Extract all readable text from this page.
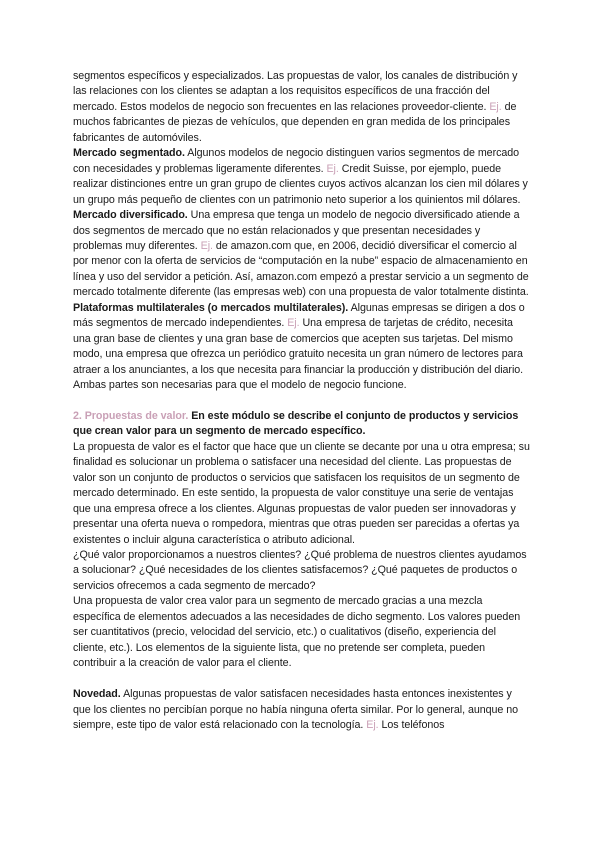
segmentos específicos y especializados. Las propuestas de valor, los canales de distribución y las relaciones con los clientes se adaptan a los requisitos específicos de una fracción del mercado. Estos modelos de negocio son frecuentes en las relaciones proveedor-cliente. Ej. de muchos fabricantes de piezas de vehículos, que dependen en gran medida de los principales fabricantes de automóviles.

Mercado segmentado. Algunos modelos de negocio distinguen varios segmentos de mercado con necesidades y problemas ligeramente diferentes. Ej. Credit Suisse, por ejemplo, puede realizar distinciones entre un gran grupo de clientes cuyos activos alcanzan los cien mil dólares y un grupo más pequeño de clientes con un patrimonio neto superior a los quinientos mil dólares.

Mercado diversificado. Una empresa que tenga un modelo de negocio diversificado atiende a dos segmentos de mercado que no están relacionados y que presentan necesidades y problemas muy diferentes. Ej. de amazon.com que, en 2006, decidió diversificar el comercio al por menor con la oferta de servicios de “computación en la nube” espacio de almacenamiento en línea y uso del servidor a petición. Así, amazon.com empezó a prestar servicio a un segmento de mercado totalmente diferente (las empresas web) con una propuesta de valor totalmente distinta.

Plataformas multilaterales (o mercados multilaterales). Algunas empresas se dirigen a dos o más segmentos de mercado independientes. Ej. Una empresa de tarjetas de crédito, necesita una gran base de clientes y una gran base de comercios que acepten sus tarjetas. Del mismo modo, una empresa que ofrezca un periódico gratuito necesita un gran número de lectores para atraer a los anunciantes, a los que necesita para financiar la producción y distribución del diario. Ambas partes son necesarias para que el modelo de negocio funcione.

2. Propuestas de valor. En este módulo se describe el conjunto de productos y servicios que crean valor para un segmento de mercado específico.

La propuesta de valor es el factor que hace que un cliente se decante por una u otra empresa; su finalidad es solucionar un problema o satisfacer una necesidad del cliente. Las propuestas de valor son un conjunto de productos o servicios que satisfacen los requisitos de un segmento de mercado determinado. En este sentido, la propuesta de valor constituye una serie de ventajas que una empresa ofrece a los clientes. Algunas propuestas de valor pueden ser innovadoras y presentar una oferta nueva o rompedora, mientras que otras pueden ser parecidas a ofertas ya existentes o incluir alguna característica o atributo adicional.

¿Qué valor proporcionamos a nuestros clientes? ¿Qué problema de nuestros clientes ayudamos a solucionar? ¿Qué necesidades de los clientes satisfacemos? ¿Qué paquetes de productos o servicios ofrecemos a cada segmento de mercado?

Una propuesta de valor crea valor para un segmento de mercado gracias a una mezcla específica de elementos adecuados a las necesidades de dicho segmento. Los valores pueden ser cuantitativos (precio, velocidad del servicio, etc.) o cualitativos (diseño, experiencia del cliente, etc.). Los elementos de la siguiente lista, que no pretende ser completa, pueden contribuir a la creación de valor para el cliente.

Novedad. Algunas propuestas de valor satisfacen necesidades hasta entonces inexistentes y que los clientes no percibían porque no había ninguna oferta similar. Por lo general, aunque no siempre, este tipo de valor está relacionado con la tecnología. Ej. Los teléfonos
